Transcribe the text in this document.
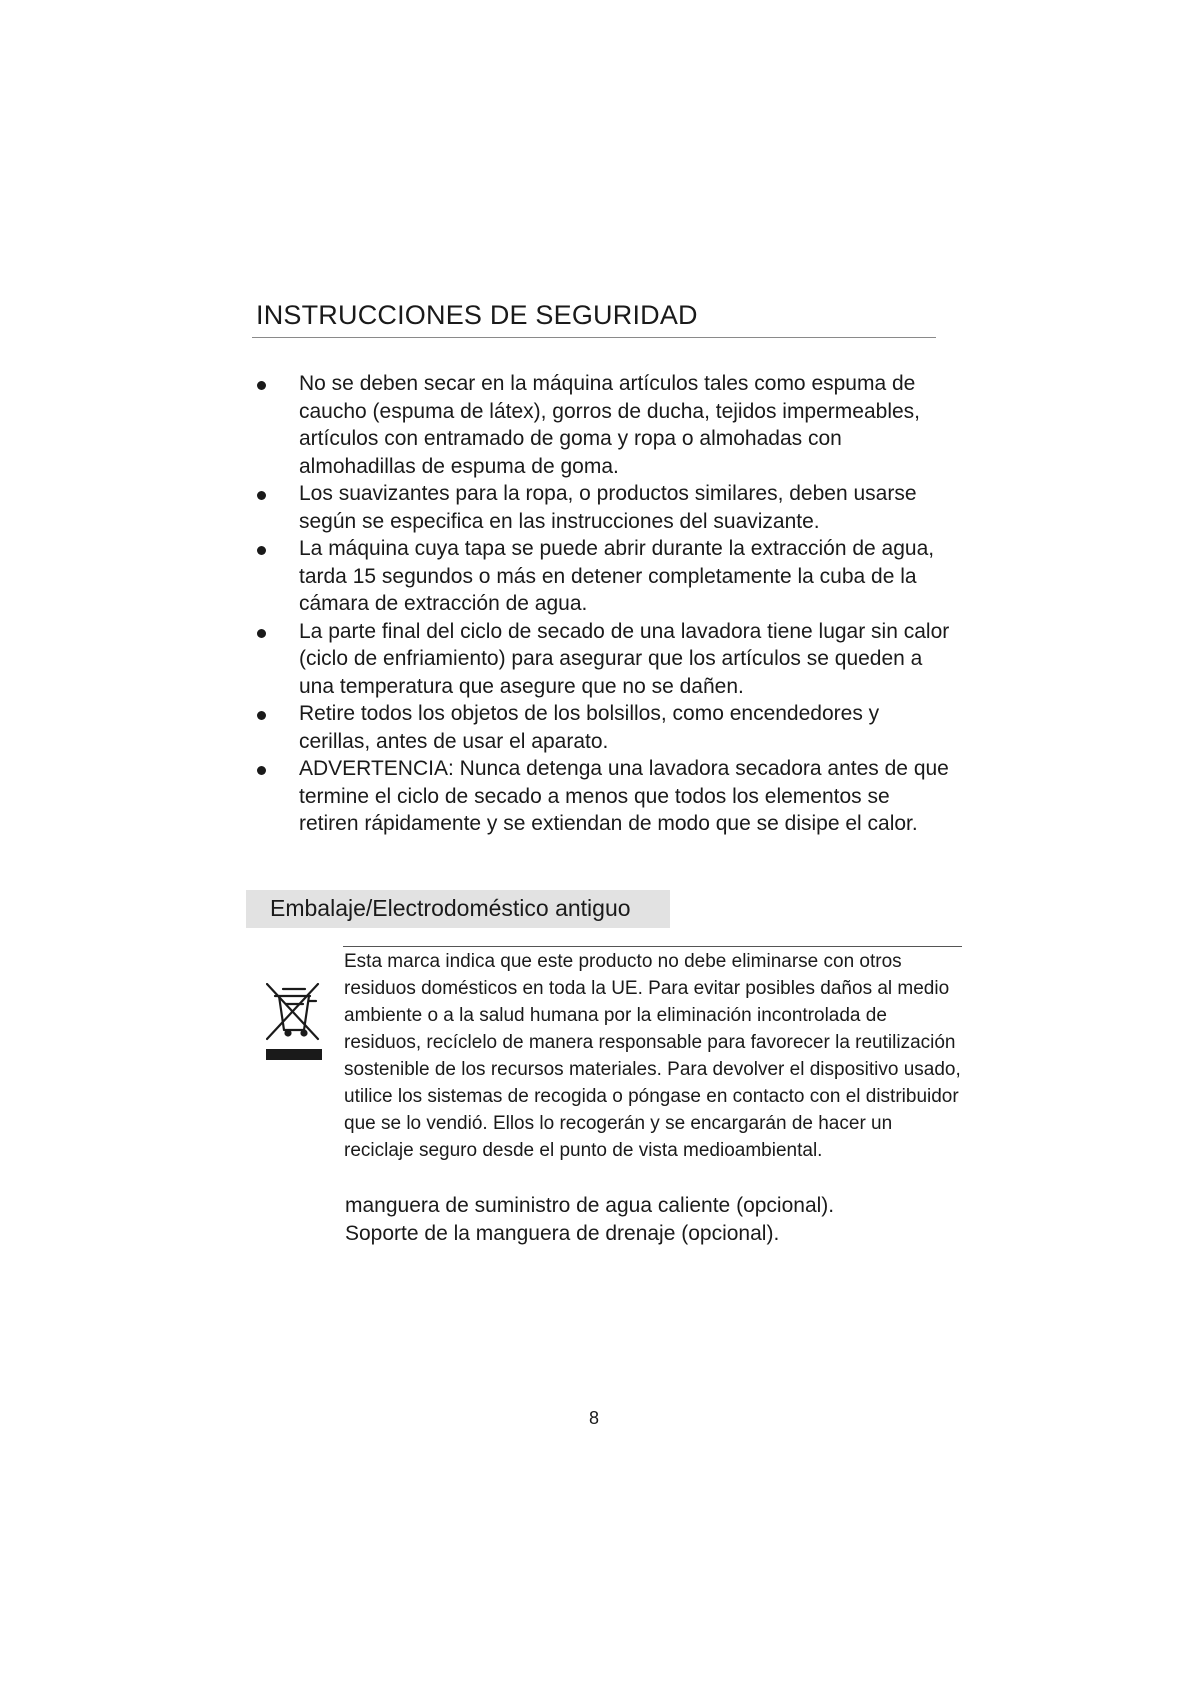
INSTRUCCIONES DE SEGURIDAD
No se deben secar en la máquina artículos tales como espuma de caucho (espuma de látex), gorros de ducha, tejidos impermeables, artículos con entramado de goma y ropa o almohadas con almohadillas de espuma de goma.
Los suavizantes para la ropa, o productos similares, deben usarse según se especifica en las instrucciones del suavizante.
La máquina cuya tapa se puede abrir durante la extracción de agua, tarda 15 segundos o más en detener completamente la cuba de la cámara de extracción de agua.
La parte final del ciclo de secado de una lavadora tiene lugar sin calor (ciclo de enfriamiento) para asegurar que los artículos se queden a una temperatura que asegure que no se dañen.
Retire todos los objetos de los bolsillos, como encendedores y cerillas, antes de usar el aparato.
ADVERTENCIA: Nunca detenga una lavadora secadora antes de que termine el ciclo de secado a menos que todos los elementos se retiren rápidamente y se extiendan de modo que se disipe el calor.
Embalaje/Electrodoméstico antiguo

Esta marca indica que este producto no debe eliminarse con otros residuos domésticos en toda la UE. Para evitar posibles daños al medio ambiente o a la salud humana por la eliminación incontrolada de residuos, recíclelo de manera responsable para favorecer la reutilización sostenible de los recursos materiales. Para devolver el dispositivo usado, utilice los sistemas de recogida o póngase en contacto con el distribuidor que se lo vendió. Ellos lo recogerán y se encargarán de hacer un reciclaje seguro desde el punto de vista medioambiental.

manguera de suministro de agua caliente (opcional).
Soporte de la manguera de drenaje (opcional).
8
